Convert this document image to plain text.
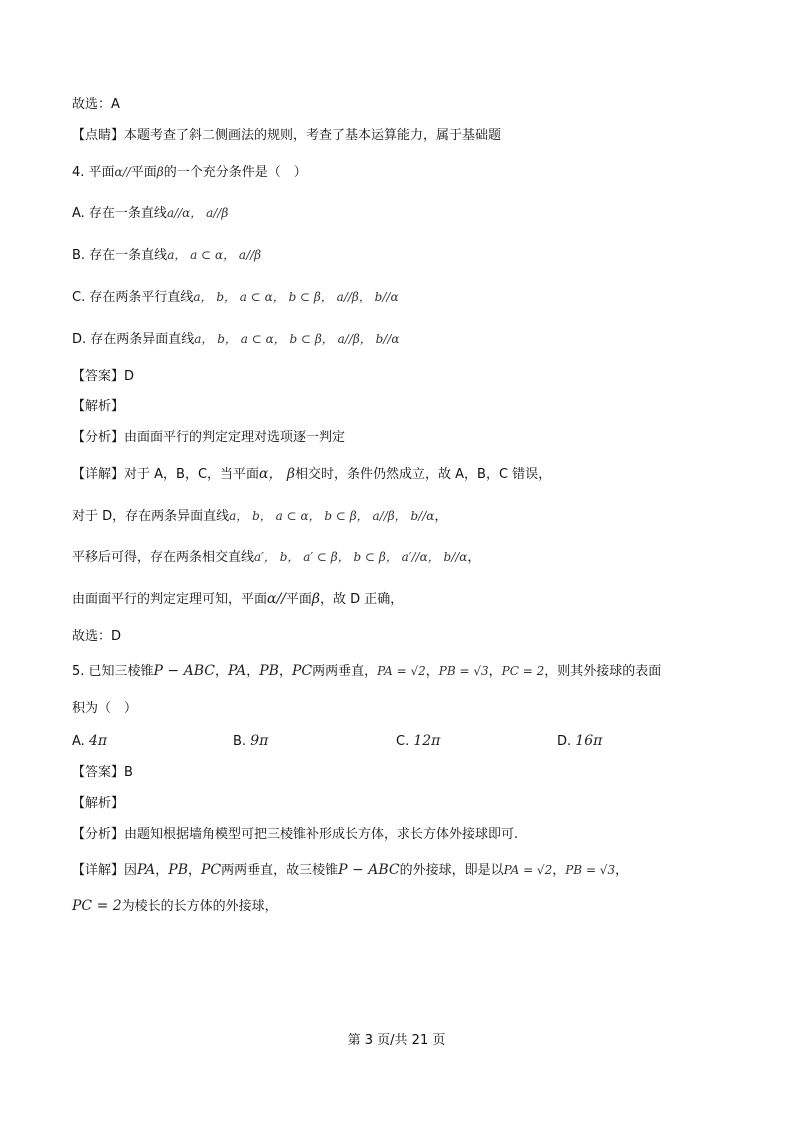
故选：A
【点睛】本题考查了斜二侧画法的规则，考查了基本运算能力，属于基础题
4. 平面α//平面β的一个充分条件是（　）
A. 存在一条直线a//α， a//β
B. 存在一条直线a， a ⊂ α， a//β
C. 存在两条平行直线a， b， a ⊂ α， b ⊂ β， a//β， b//α
D. 存在两条异面直线a， b， a ⊂ α， b ⊂ β， a//β， b//α
【答案】D
【解析】
【分析】由面面平行的判定定理对选项逐一判定
【详解】对于 A，B，C，当平面α， β相交时，条件仍然成立，故 A，B，C 错误，
对于 D，存在两条异面直线a， b， a ⊂ α， b ⊂ β， a//β， b//α，
平移后可得，存在两条相交直线a′， b， a′ ⊂ β， b ⊂ β， a′//α， b//α，
由面面平行的判定定理可知，平面α//平面β，故 D 正确，
故选：D
5. 已知三棱锥P − ABC，PA，PB，PC两两垂直，PA = √2，PB = √3，PC = 2，则其外接球的表面
积为（　）
A. 4π	B. 9π	C. 12π	D. 16π
【答案】B
【解析】
【分析】由题知根据墙角模型可把三棱锥补形成长方体，求长方体外接球即可.
【详解】因PA，PB，PC两两垂直，故三棱锥P − ABC的外接球，即是以PA = √2，PB = √3，
PC = 2为棱长的长方体的外接球，
第 3 页/共 21 页
